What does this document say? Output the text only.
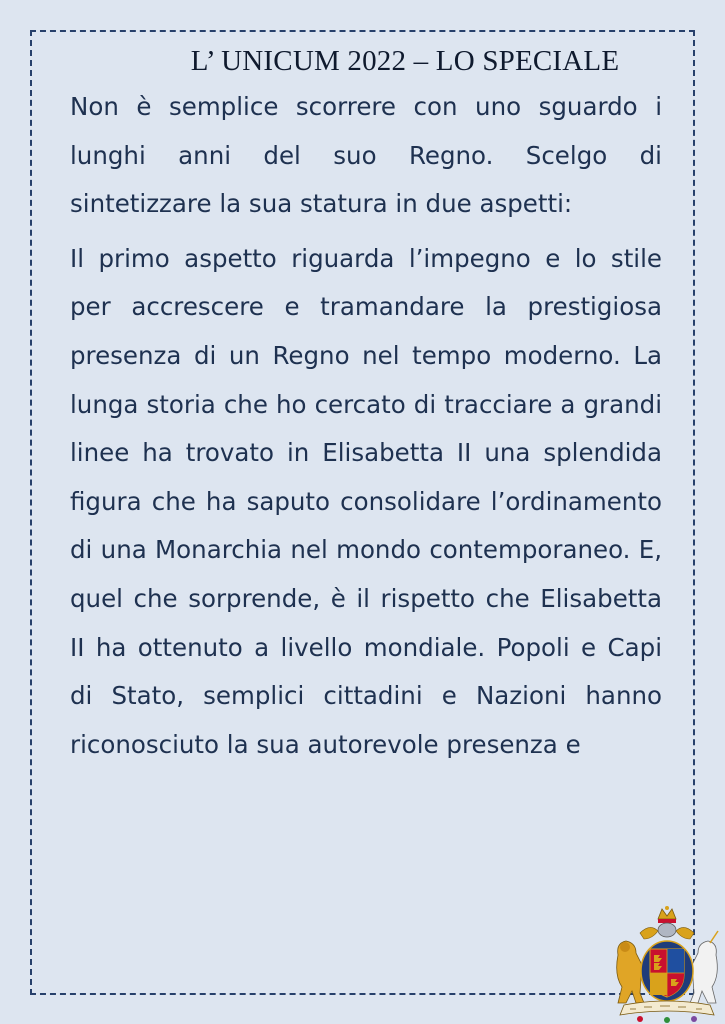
L’ UNICUM 2022 – LO SPECIALE

Non è semplice scorrere con uno sguardo i lunghi anni del suo Regno. Scelgo di sintetizzare la sua statura in due aspetti:

Il primo aspetto riguarda l’impegno e lo stile per accrescere e tramandare la prestigiosa presenza di un Regno nel tempo moderno. La lunga storia che ho cercato di tracciare a grandi linee ha trovato in Elisabetta II una splendida figura che ha saputo consolidare l’ordinamento di una Monarchia nel mondo contemporaneo. E, quel che sorprende, è il rispetto che Elisabetta II ha ottenuto a livello mondiale. Popoli e Capi di Stato, semplici cittadini e Nazioni hanno riconosciuto la sua autorevole presenza e
